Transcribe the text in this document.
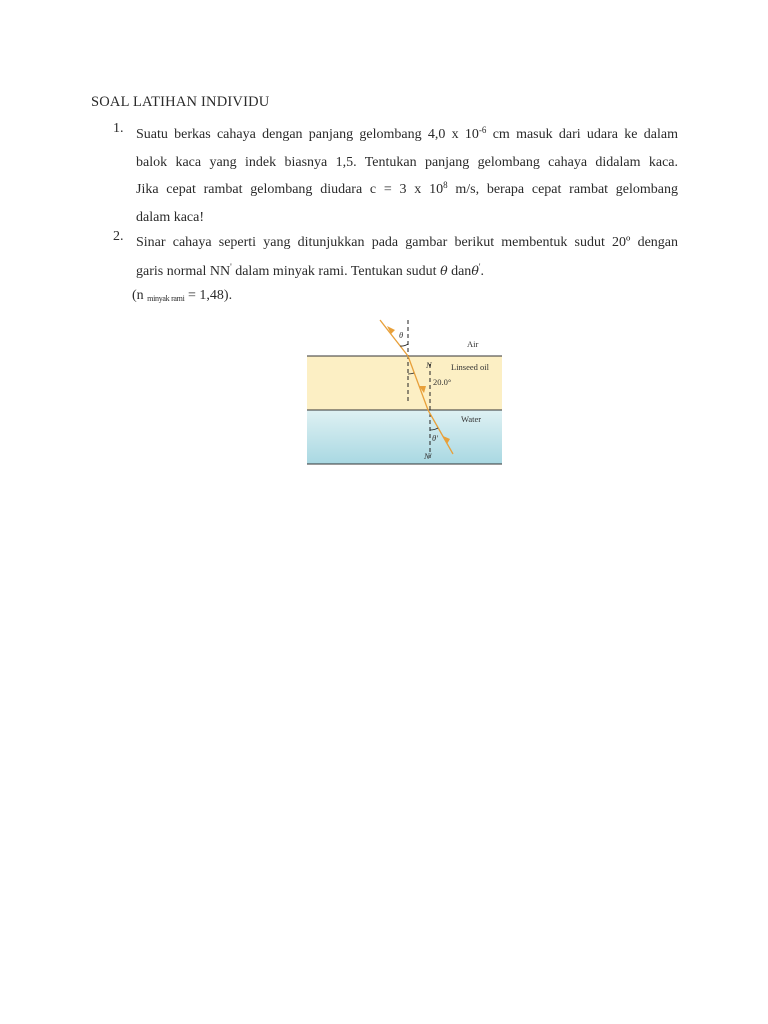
SOAL LATIHAN INDIVIDU
1. Suatu berkas cahaya dengan panjang gelombang 4,0 x $10^{-6}$ cm masuk dari udara ke dalam
balok kaca yang indek biasnya 1,5. Tentukan panjang gelombang cahaya didalam kaca.
Jika cepat rambat gelombang diudara c = 3 x $10^8$ m/s, berapa cepat rambat gelombang
dalam kaca!
2. Sinar cahaya seperti yang ditunjukkan pada gambar berikut membentuk sudut 20º dengan
garis normal NN' dalam minyak rami. Tentukan sudut θ danθ'.
(n $_{minyak rami}$ = 1,48).
θ
Air
N Linseed oil
20.0°
Water
θ′
N′
